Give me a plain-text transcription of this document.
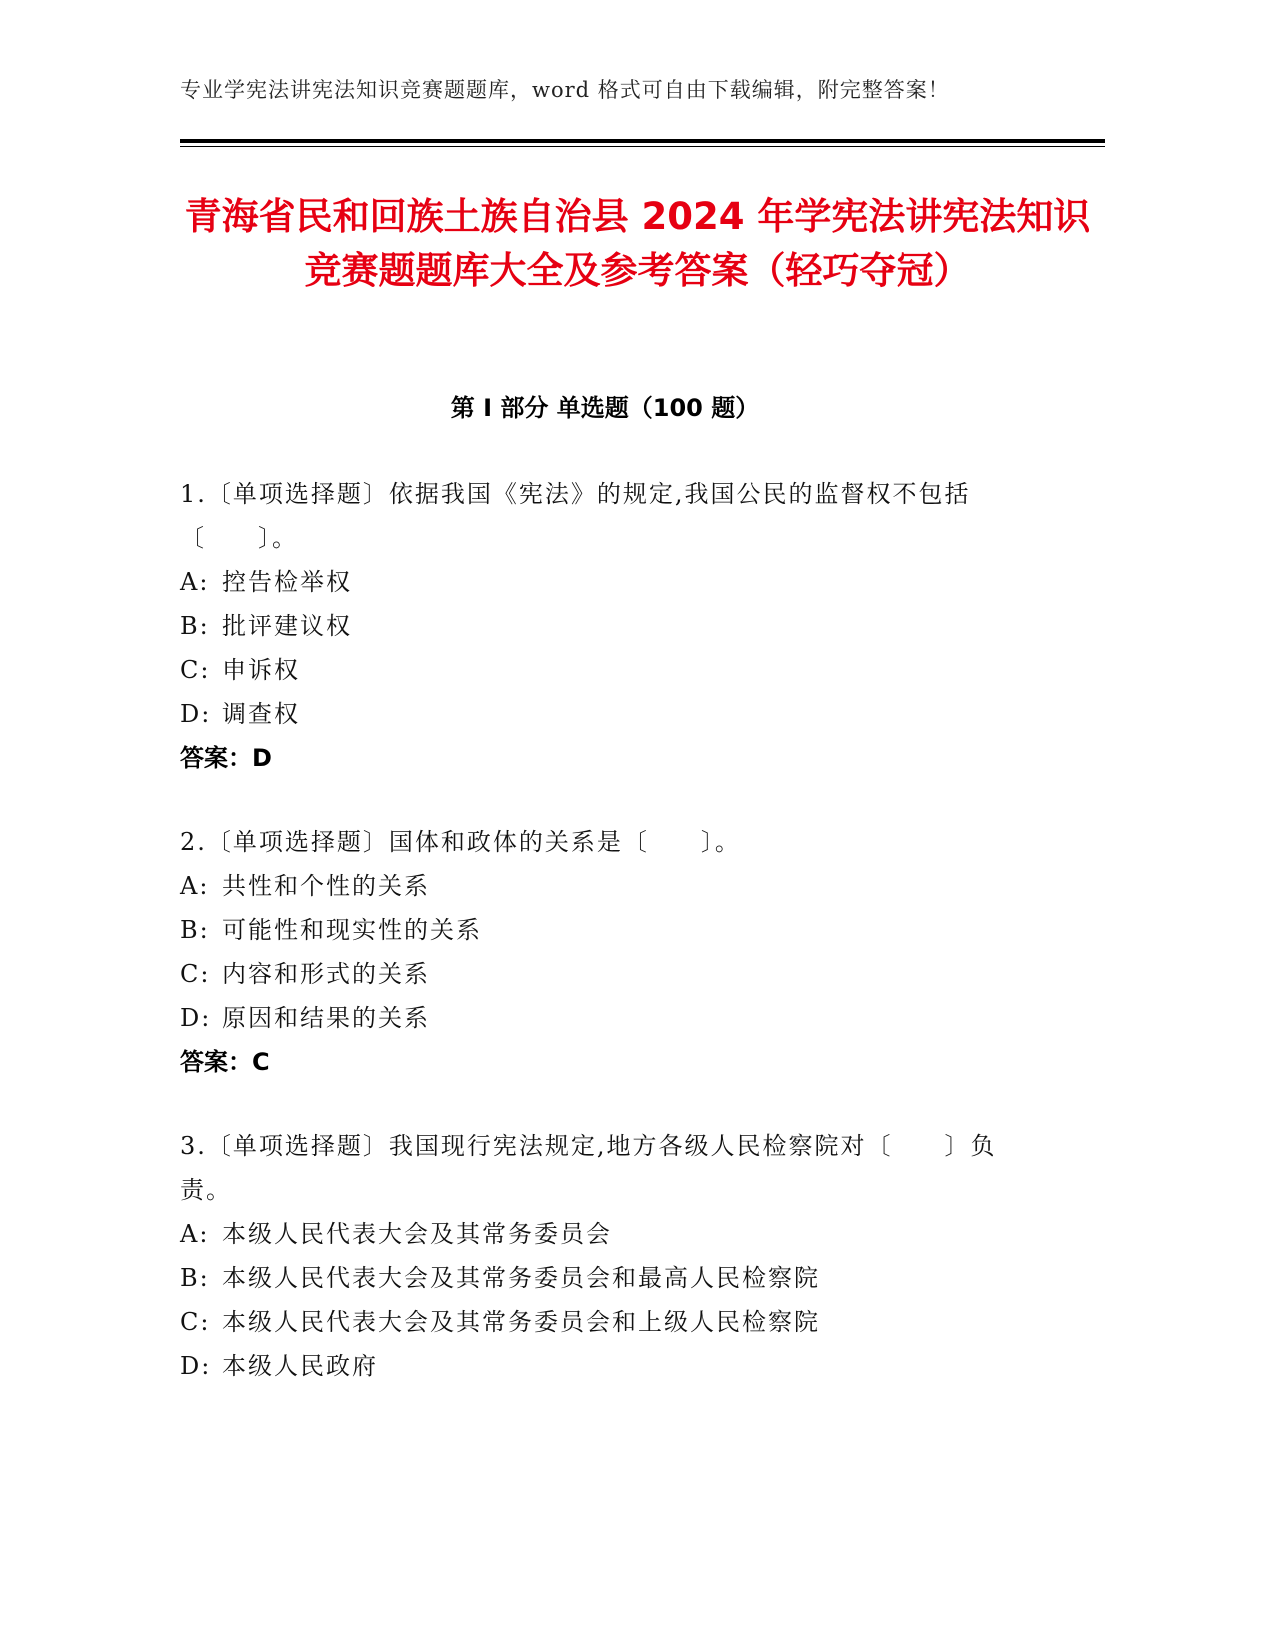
专业学宪法讲宪法知识竞赛题题库，word 格式可自由下载编辑，附完整答案！
青海省民和回族土族自治县 2024 年学宪法讲宪法知识竞赛题题库大全及参考答案（轻巧夺冠）
第 I 部分 单选题（100 题）

1.〔单项选择题〕依据我国《宪法》的规定,我国公民的监督权不包括〔　　〕。

A: 控告检举权

B: 批评建议权

C: 申诉权

D: 调查权

答案：D

2.〔单项选择题〕国体和政体的关系是〔　　〕。

A: 共性和个性的关系

B: 可能性和现实性的关系

C: 内容和形式的关系

D: 原因和结果的关系

答案：C

3.〔单项选择题〕我国现行宪法规定,地方各级人民检察院对〔　　〕负责。

A: 本级人民代表大会及其常务委员会

B: 本级人民代表大会及其常务委员会和最高人民检察院

C: 本级人民代表大会及其常务委员会和上级人民检察院

D: 本级人民政府
